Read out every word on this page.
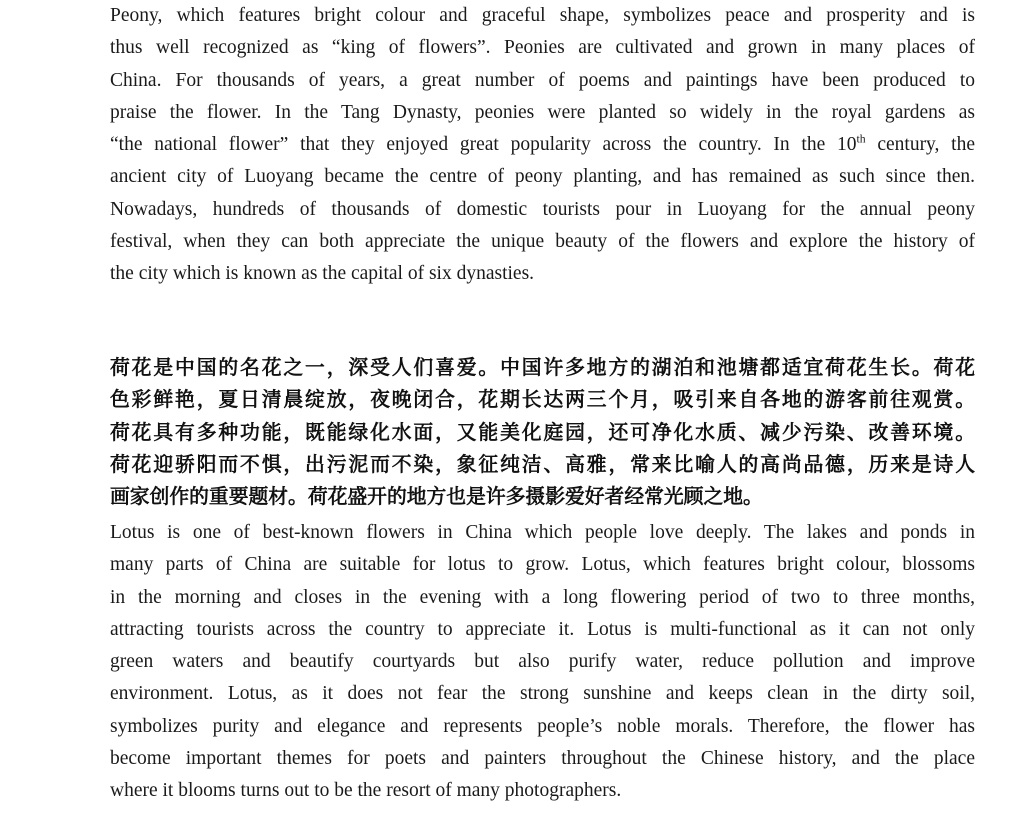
Peony, which features bright colour and graceful shape, symbolizes peace and prosperity and is
thus well recognized as “king of flowers”. Peonies are cultivated and grown in many places of
China. For thousands of years, a great number of poems and paintings have been produced to
praise the flower. In the Tang Dynasty, peonies were planted so widely in the royal gardens as
“the national flower” that they enjoyed great popularity across the country. In the 10th century, the
ancient city of Luoyang became the centre of peony planting, and has remained as such since then.
Nowadays, hundreds of thousands of domestic tourists pour in Luoyang for the annual peony
festival, when they can both appreciate the unique beauty of the flowers and explore the history of
the city which is known as the capital of six dynasties.

荷花是中国的名花之一，深受人们喜爱。中国许多地方的湖泊和池塘都适宜荷花生长。荷花
色彩鲜艳，夏日清晨绽放，夜晚闭合，花期长达两三个月，吸引来自各地的游客前往观赏。
荷花具有多种功能，既能绿化水面，又能美化庭园，还可净化水质、减少污染、改善环境。
荷花迎骄阳而不惧，出污泥而不染，象征纯洁、高雅，常来比喻人的高尚品德，历来是诗人
画家创作的重要题材。荷花盛开的地方也是许多摄影爱好者经常光顾之地。

Lotus is one of best-known flowers in China which people love deeply. The lakes and ponds in
many parts of China are suitable for lotus to grow. Lotus, which features bright colour, blossoms
in the morning and closes in the evening with a long flowering period of two to three months,
attracting tourists across the country to appreciate it. Lotus is multi-functional as it can not only
green waters and beautify courtyards but also purify water, reduce pollution and improve
environment. Lotus, as it does not fear the strong sunshine and keeps clean in the dirty soil,
symbolizes purity and elegance and represents people’s noble morals. Therefore, the flower has
become important themes for poets and painters throughout the Chinese history, and the place
where it blooms turns out to be the resort of many photographers.
